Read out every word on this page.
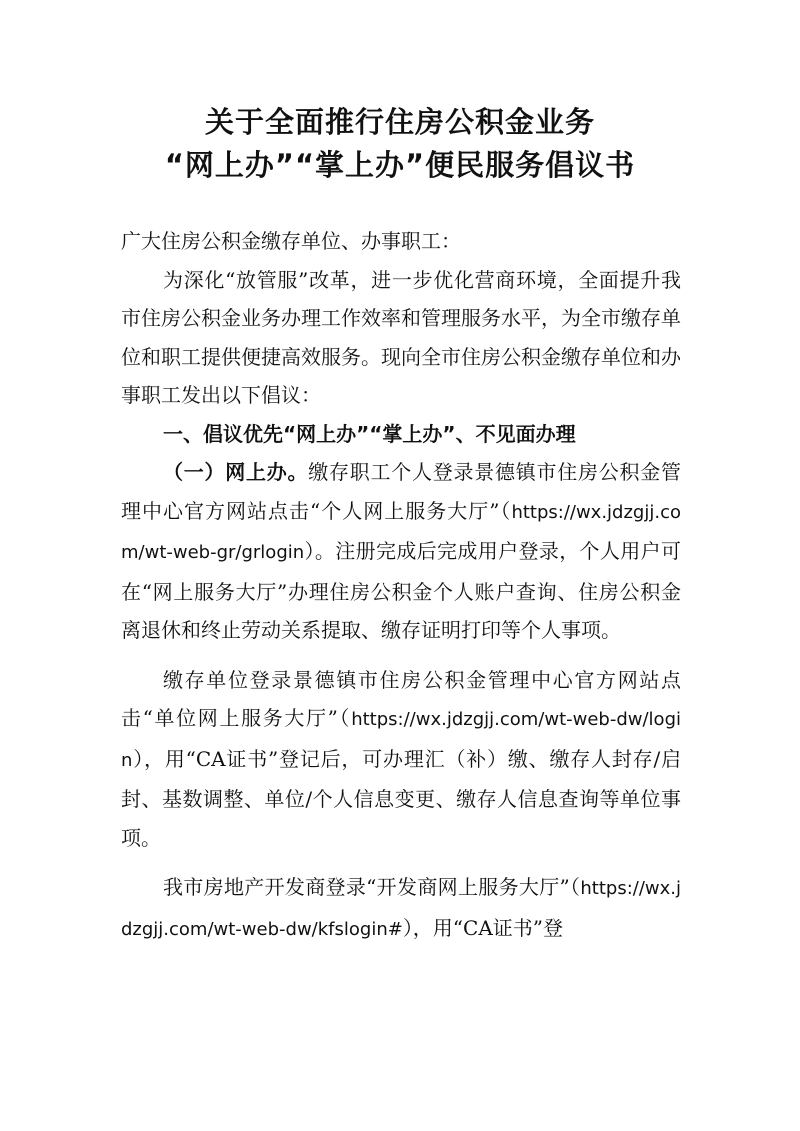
关于全面推行住房公积金业务
“网上办”“掌上办”便民服务倡议书

广大住房公积金缴存单位、办事职工：

为深化“放管服”改革，进一步优化营商环境，全面提升我市住房公积金业务办理工作效率和管理服务水平，为全市缴存单位和职工提供便捷高效服务。现向全市住房公积金缴存单位和办事职工发出以下倡议：

一、倡议优先“网上办”“掌上办”、不见面办理

（一）网上办。缴存职工个人登录景德镇市住房公积金管理中心官方网站点击“个人网上服务大厅”（https://wx.jdzgjj.com/wt-web-gr/grlogin）。注册完成后完成用户登录，个人用户可在“网上服务大厅”办理住房公积金个人账户查询、住房公积金离退休和终止劳动关系提取、缴存证明打印等个人事项。

缴存单位登录景德镇市住房公积金管理中心官方网站点击“单位网上服务大厅”（https://wx.jdzgjj.com/wt-web-dw/login），用“CA证书”登记后，可办理汇（补）缴、缴存人封存/启封、基数调整、单位/个人信息变更、缴存人信息查询等单位事项。

我市房地产开发商登录“开发商网上服务大厅”（https://wx.jdzgjj.com/wt-web-dw/kfslogin#），用“CA证书”登
